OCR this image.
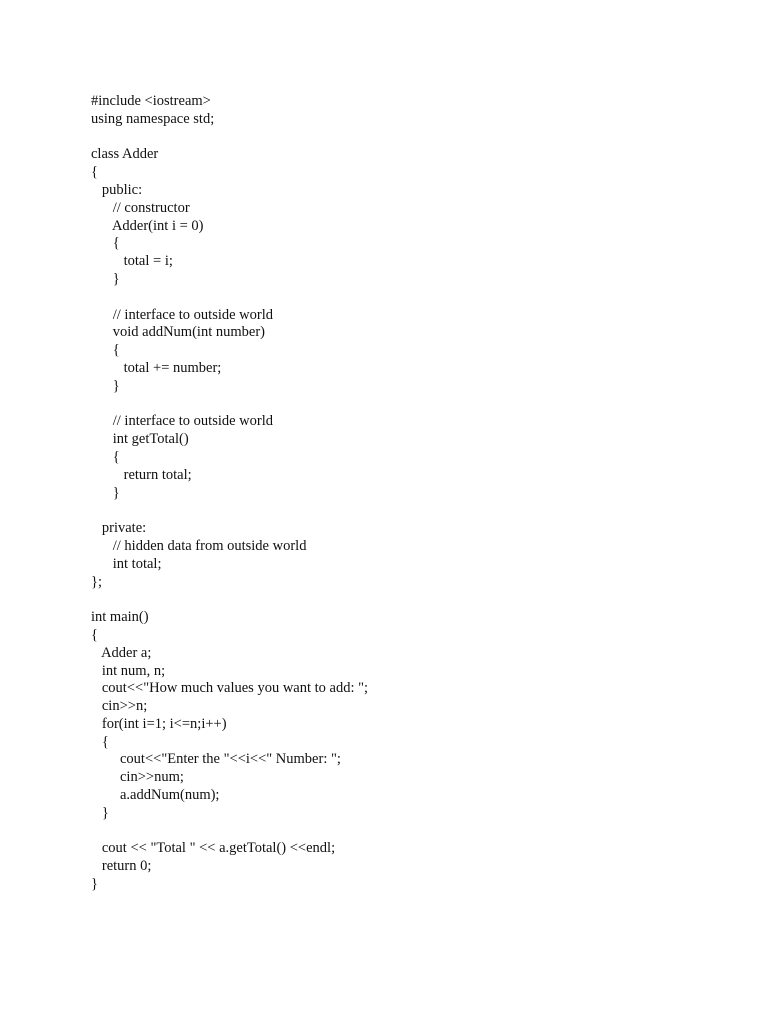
#include <iostream>
using namespace std;
class Adder
{
public:
// constructor
Adder(int i = 0)
{
total = i;
}
// interface to outside world
void addNum(int number)
{
total += number;
}
// interface to outside world
int getTotal()
{
return total;
}
private:
// hidden data from outside world
int total;
};
int main()
{
Adder a;
int num, n;
cout<<"How much values you want to add: ";
cin>>n;
for(int i=1; i<=n;i++)
{
cout<<"Enter the "<<i<<" Number: ";
cin>>num;
a.addNum(num);
}
cout << "Total " << a.getTotal() <<endl;
return 0;
}
